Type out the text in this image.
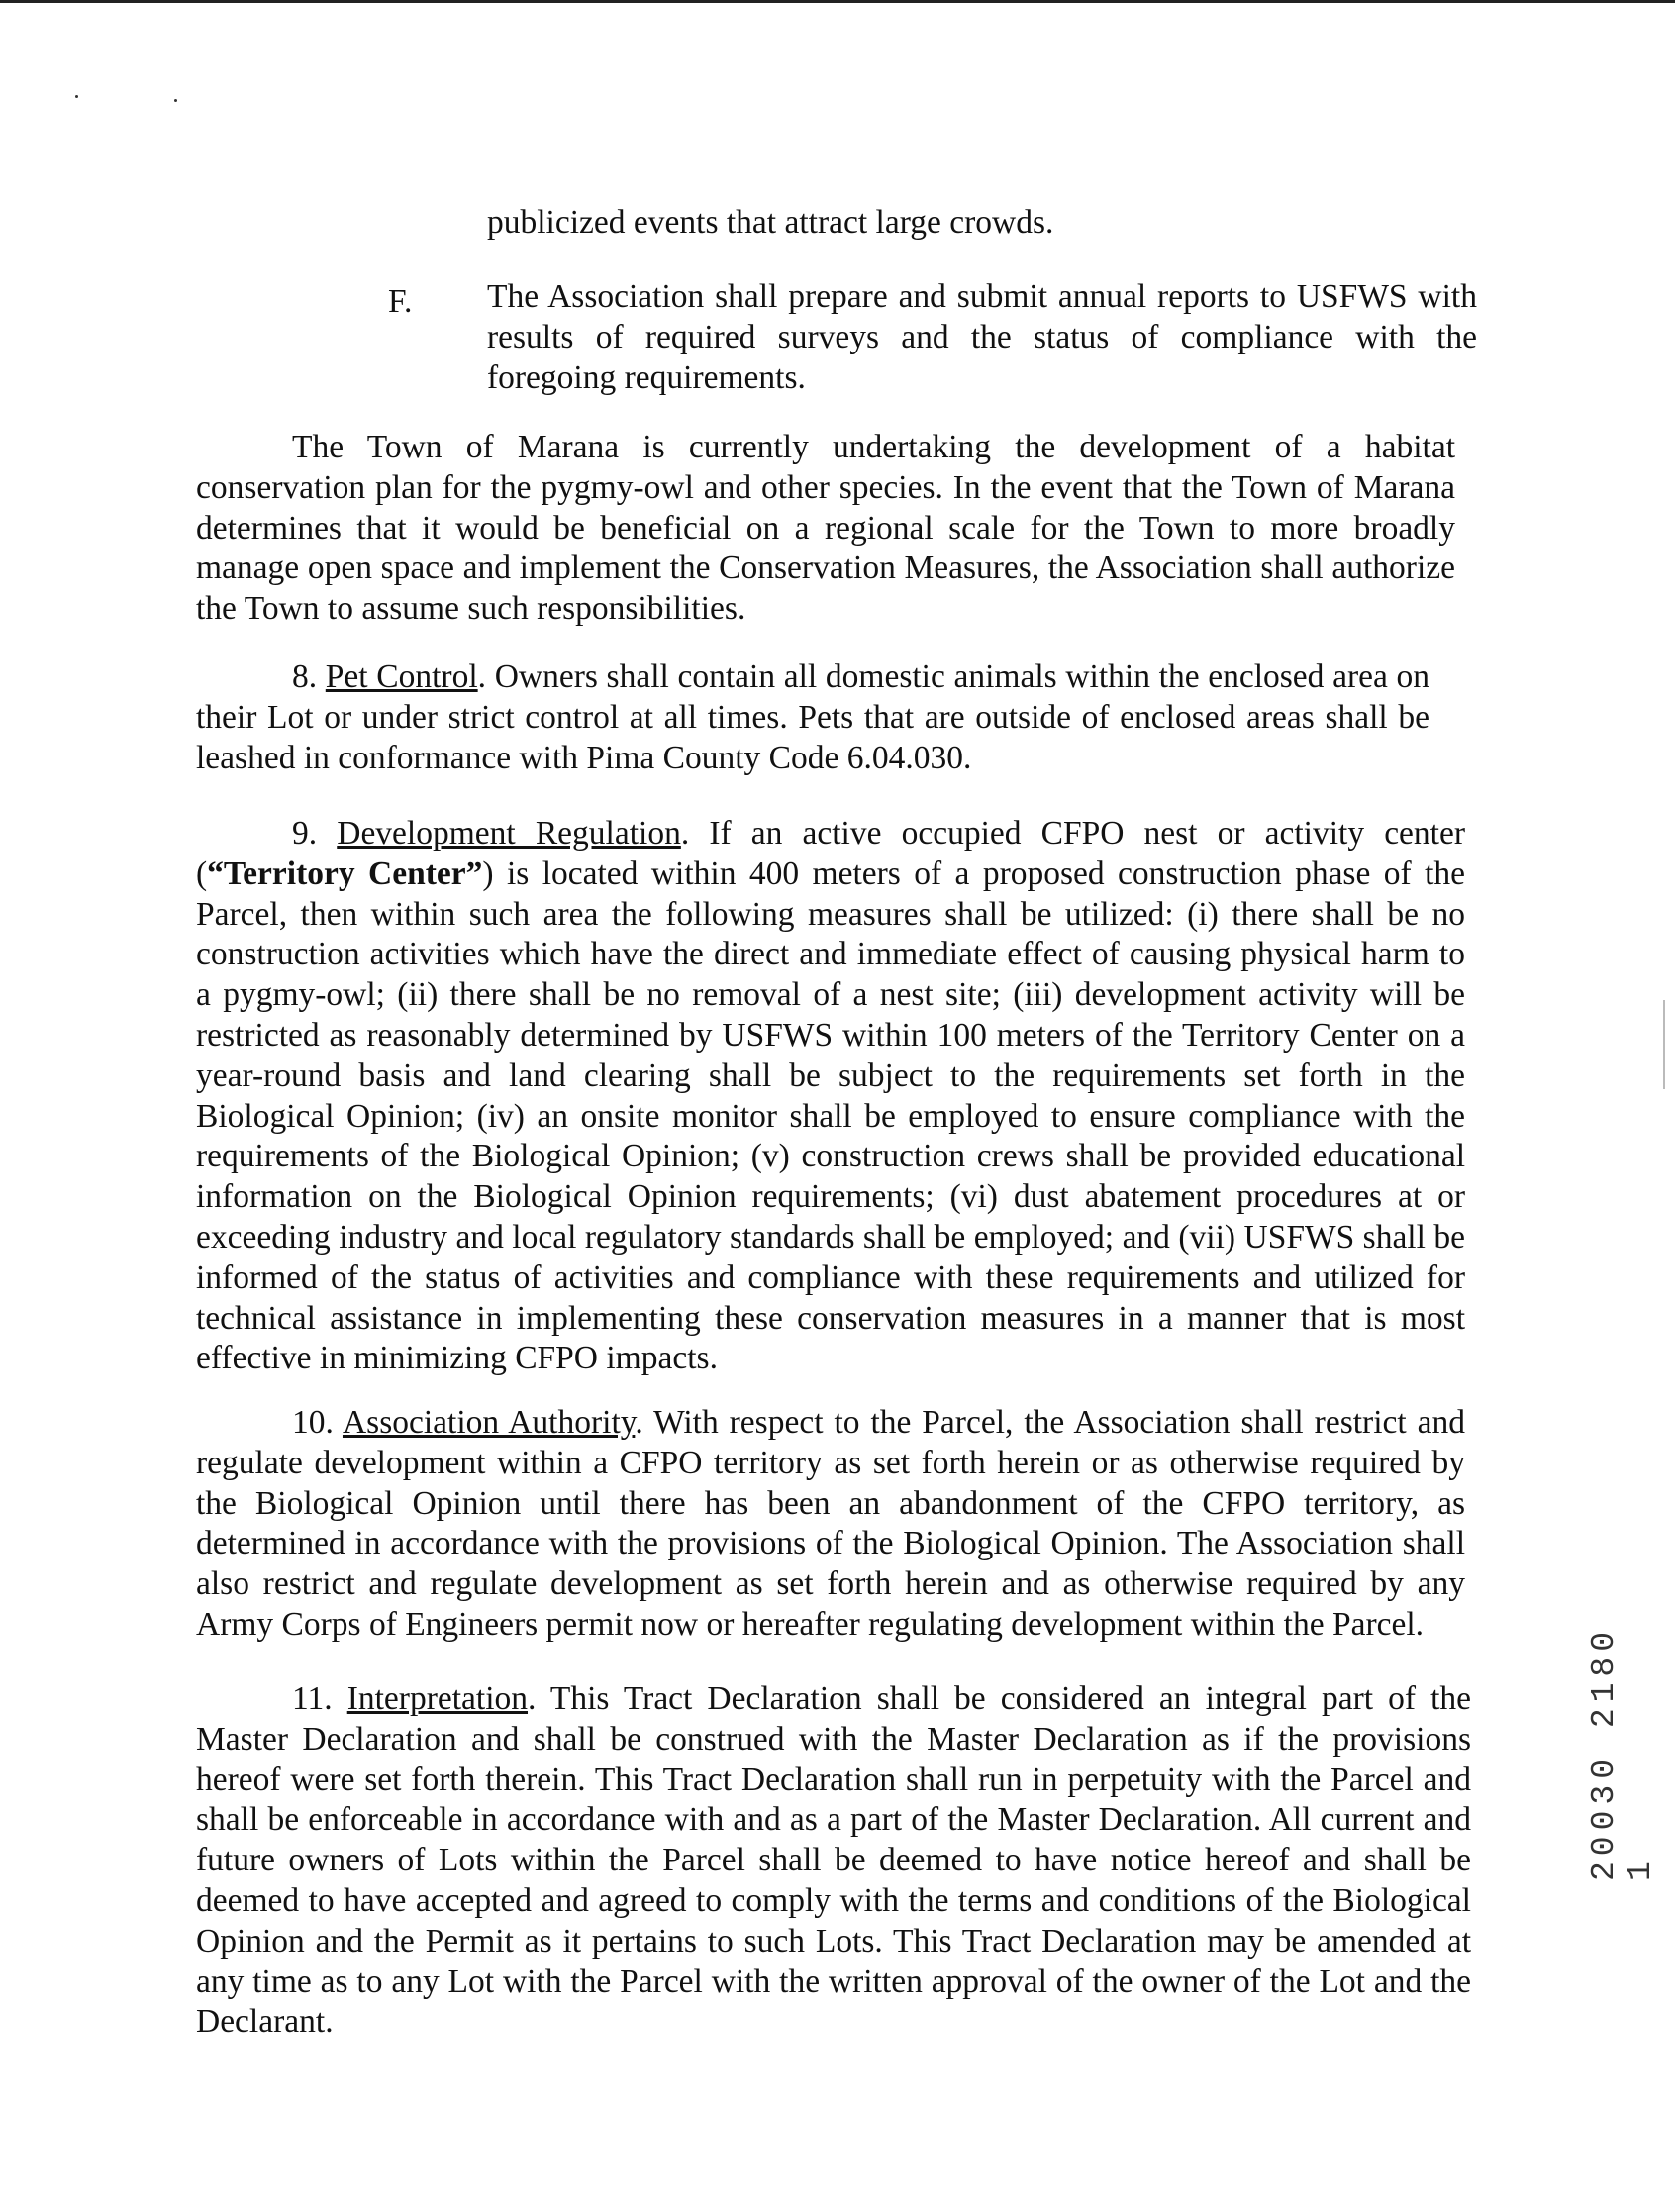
publicized events that attract large crowds.

F. The Association shall prepare and submit annual reports to USFWS with results of required surveys and the status of compliance with the foregoing requirements.

The Town of Marana is currently undertaking the development of a habitat conservation plan for the pygmy-owl and other species. In the event that the Town of Marana determines that it would be beneficial on a regional scale for the Town to more broadly manage open space and implement the Conservation Measures, the Association shall authorize the Town to assume such responsibilities.

8. Pet Control. Owners shall contain all domestic animals within the enclosed area on their Lot or under strict control at all times. Pets that are outside of enclosed areas shall be leashed in conformance with Pima County Code 6.04.030.

9. Development Regulation. If an active occupied CFPO nest or activity center (“Territory Center”) is located within 400 meters of a proposed construction phase of the Parcel, then within such area the following measures shall be utilized: (i) there shall be no construction activities which have the direct and immediate effect of causing physical harm to a pygmy-owl; (ii) there shall be no removal of a nest site; (iii) development activity will be restricted as reasonably determined by USFWS within 100 meters of the Territory Center on a year-round basis and land clearing shall be subject to the requirements set forth in the Biological Opinion; (iv) an onsite monitor shall be employed to ensure compliance with the requirements of the Biological Opinion; (v) construction crews shall be provided educational information on the Biological Opinion requirements; (vi) dust abatement procedures at or exceeding industry and local regulatory standards shall be employed; and (vii) USFWS shall be informed of the status of activities and compliance with these requirements and utilized for technical assistance in implementing these conservation measures in a manner that is most effective in minimizing CFPO impacts.

10. Association Authority. With respect to the Parcel, the Association shall restrict and regulate development within a CFPO territory as set forth herein or as otherwise required by the Biological Opinion until there has been an abandonment of the CFPO territory, as determined in accordance with the provisions of the Biological Opinion. The Association shall also restrict and regulate development as set forth herein and as otherwise required by any Army Corps of Engineers permit now or hereafter regulating development within the Parcel.

11. Interpretation. This Tract Declaration shall be considered an integral part of the Master Declaration and shall be construed with the Master Declaration as if the provisions hereof were set forth therein. This Tract Declaration shall run in perpetuity with the Parcel and shall be enforceable in accordance with and as a part of the Master Declaration. All current and future owners of Lots within the Parcel shall be deemed to have notice hereof and shall be deemed to have accepted and agreed to comply with the terms and conditions of the Biological Opinion and the Permit as it pertains to such Lots. This Tract Declaration may be amended at any time as to any Lot with the Parcel with the written approval of the owner of the Lot and the Declarant.

20030 2180 1
